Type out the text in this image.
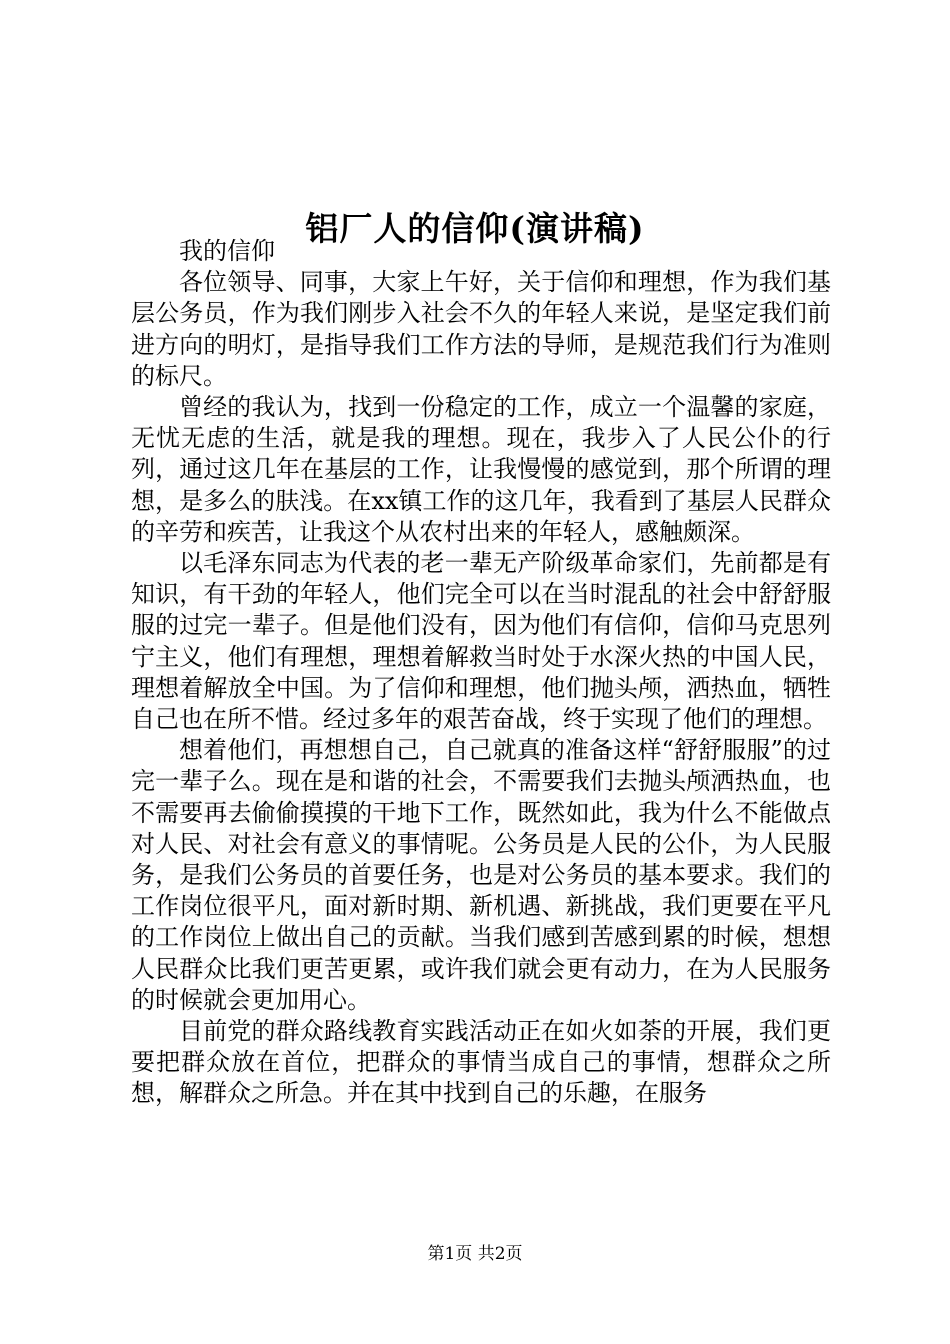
铝厂人的信仰(演讲稿)

我的信仰

各位领导、同事，大家上午好，关于信仰和理想，作为我们基层公务员，作为我们刚步入社会不久的年轻人来说，是坚定我们前进方向的明灯，是指导我们工作方法的导师，是规范我们行为准则的标尺。

曾经的我认为，找到一份稳定的工作，成立一个温馨的家庭，无忧无虑的生活，就是我的理想。现在，我步入了人民公仆的行列，通过这几年在基层的工作，让我慢慢的感觉到，那个所谓的理想，是多么的肤浅。在xx镇工作的这几年，我看到了基层人民群众的辛劳和疾苦，让我这个从农村出来的年轻人，感触颇深。

以毛泽东同志为代表的老一辈无产阶级革命家们，先前都是有知识，有干劲的年轻人，他们完全可以在当时混乱的社会中舒舒服服的过完一辈子。但是他们没有，因为他们有信仰，信仰马克思列宁主义，他们有理想，理想着解救当时处于水深火热的中国人民，理想着解放全中国。为了信仰和理想，他们抛头颅，洒热血，牺牲自己也在所不惜。经过多年的艰苦奋战，终于实现了他们的理想。

想着他们，再想想自己，自己就真的准备这样“舒舒服服”的过完一辈子么。现在是和谐的社会，不需要我们去抛头颅洒热血，也不需要再去偷偷摸摸的干地下工作，既然如此，我为什么不能做点对人民、对社会有意义的事情呢。公务员是人民的公仆，为人民服务，是我们公务员的首要任务，也是对公务员的基本要求。我们的工作岗位很平凡，面对新时期、新机遇、新挑战，我们更要在平凡的工作岗位上做出自己的贡献。当我们感到苦感到累的时候，想想人民群众比我们更苦更累，或许我们就会更有动力，在为人民服务的时候就会更加用心。

目前党的群众路线教育实践活动正在如火如荼的开展，我们更要把群众放在首位，把群众的事情当成自己的事情，想群众之所想，解群众之所急。并在其中找到自己的乐趣，在服务

第1页 共2页
